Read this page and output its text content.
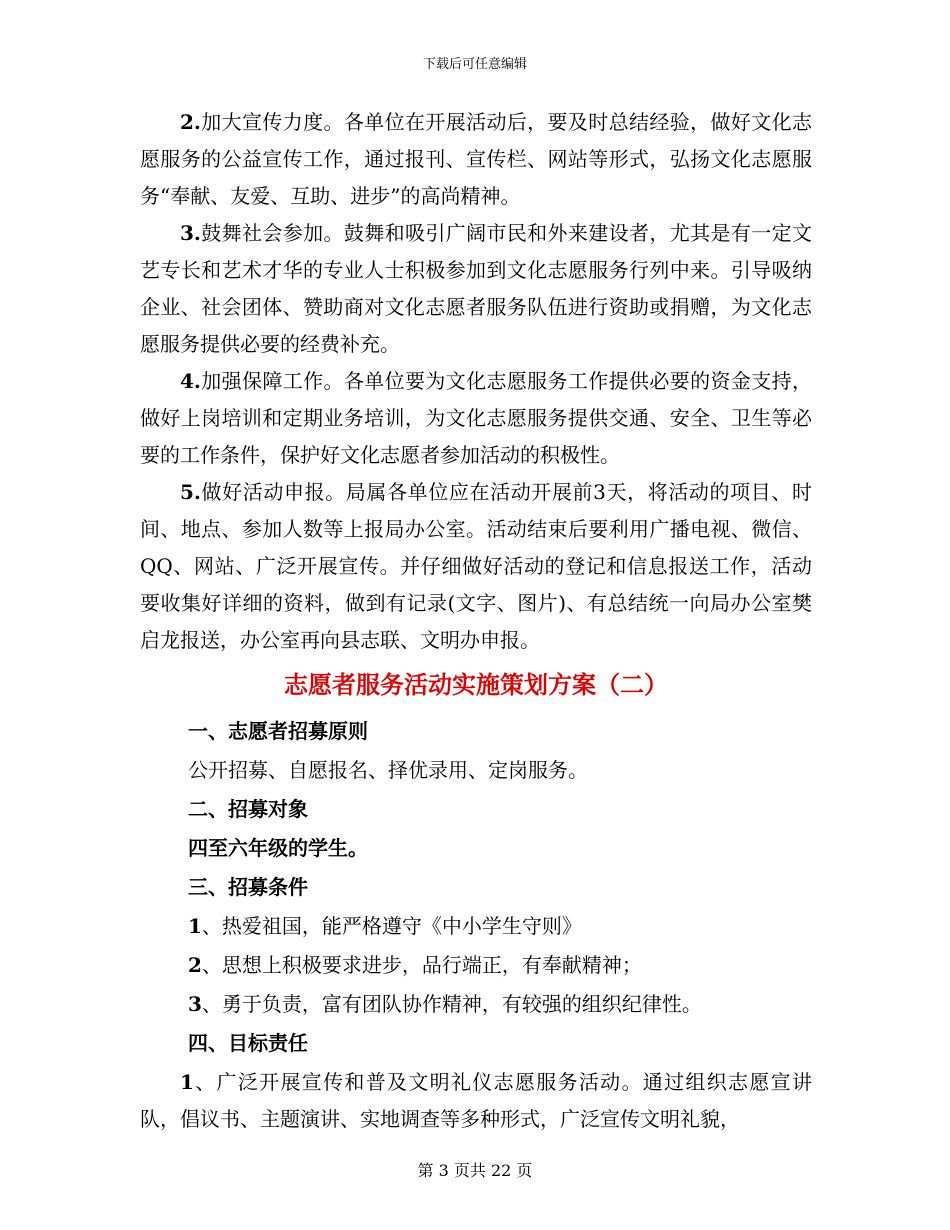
下载后可任意编辑

2.加大宣传力度。各单位在开展活动后，要及时总结经验，做好文化志愿服务的公益宣传工作，通过报刊、宣传栏、网站等形式，弘扬文化志愿服务“奉献、友爱、互助、进步”的高尚精神。

3.鼓舞社会参加。鼓舞和吸引广阔市民和外来建设者，尤其是有一定文艺专长和艺术才华的专业人士积极参加到文化志愿服务行列中来。引导吸纳企业、社会团体、赞助商对文化志愿者服务队伍进行资助或捐赠，为文化志愿服务提供必要的经费补充。

4.加强保障工作。各单位要为文化志愿服务工作提供必要的资金支持，做好上岗培训和定期业务培训，为文化志愿服务提供交通、安全、卫生等必要的工作条件，保护好文化志愿者参加活动的积极性。

5.做好活动申报。局属各单位应在活动开展前3天，将活动的项目、时间、地点、参加人数等上报局办公室。活动结束后要利用广播电视、微信、QQ、网站、广泛开展宣传。并仔细做好活动的登记和信息报送工作，活动要收集好详细的资料，做到有记录(文字、图片)、有总结统一向局办公室樊启龙报送，办公室再向县志联、文明办申报。

志愿者服务活动实施策划方案（二）

一、志愿者招募原则

公开招募、自愿报名、择优录用、定岗服务。

二、招募对象

四至六年级的学生。

三、招募条件

1、热爱祖国，能严格遵守《中小学生守则》

2、思想上积极要求进步，品行端正，有奉献精神；

3、勇于负责，富有团队协作精神，有较强的组织纪律性。

四、目标责任

1、广泛开展宣传和普及文明礼仪志愿服务活动。通过组织志愿宣讲队，倡议书、主题演讲、实地调查等多种形式，广泛宣传文明礼貌，

第 3 页共 22 页
